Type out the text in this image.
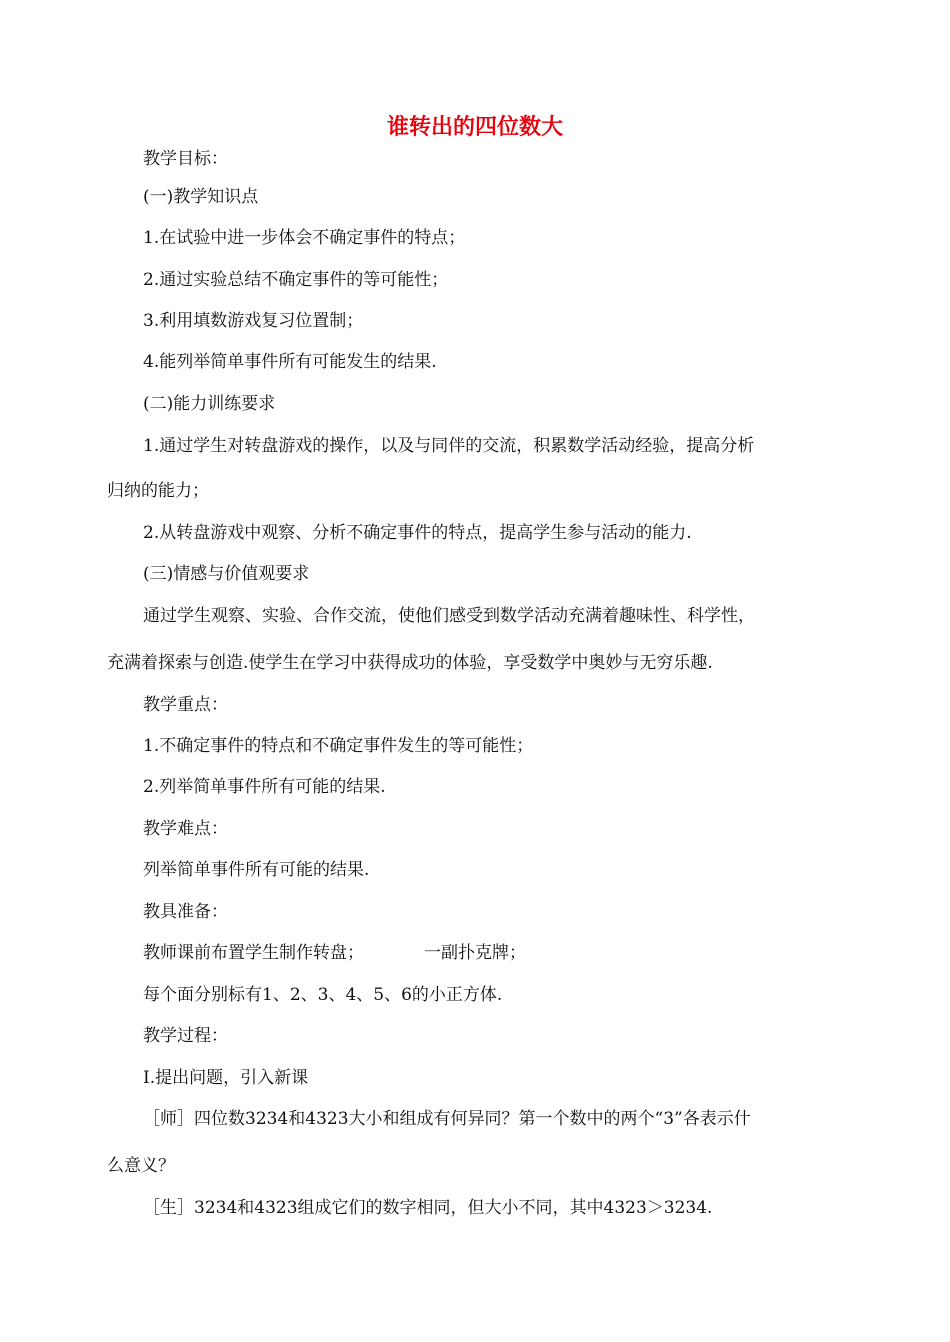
谁转出的四位数大
教学目标：
(一)教学知识点
1.在试验中进一步体会不确定事件的特点；
2.通过实验总结不确定事件的等可能性；
3.利用填数游戏复习位置制；
4.能列举简单事件所有可能发生的结果.
(二)能力训练要求
1.通过学生对转盘游戏的操作，以及与同伴的交流，积累数学活动经验，提高分析
归纳的能力；
2.从转盘游戏中观察、分析不确定事件的特点，提高学生参与活动的能力.
(三)情感与价值观要求
通过学生观察、实验、合作交流，使他们感受到数学活动充满着趣味性、科学性，
充满着探索与创造.使学生在学习中获得成功的体验，享受数学中奥妙与无穷乐趣.
教学重点：
1.不确定事件的特点和不确定事件发生的等可能性；
2.列举简单事件所有可能的结果.
教学难点：
列举简单事件所有可能的结果.
教具准备：
教师课前布置学生制作转盘；	一副扑克牌；
每个面分别标有1、2、3、4、5、6的小正方体.
教学过程：
Ⅰ.提出问题，引入新课
［师］四位数3234和4323大小和组成有何异同？第一个数中的两个“3”各表示什
么意义？
［生］3234和4323组成它们的数字相同，但大小不同，其中4323＞3234.
